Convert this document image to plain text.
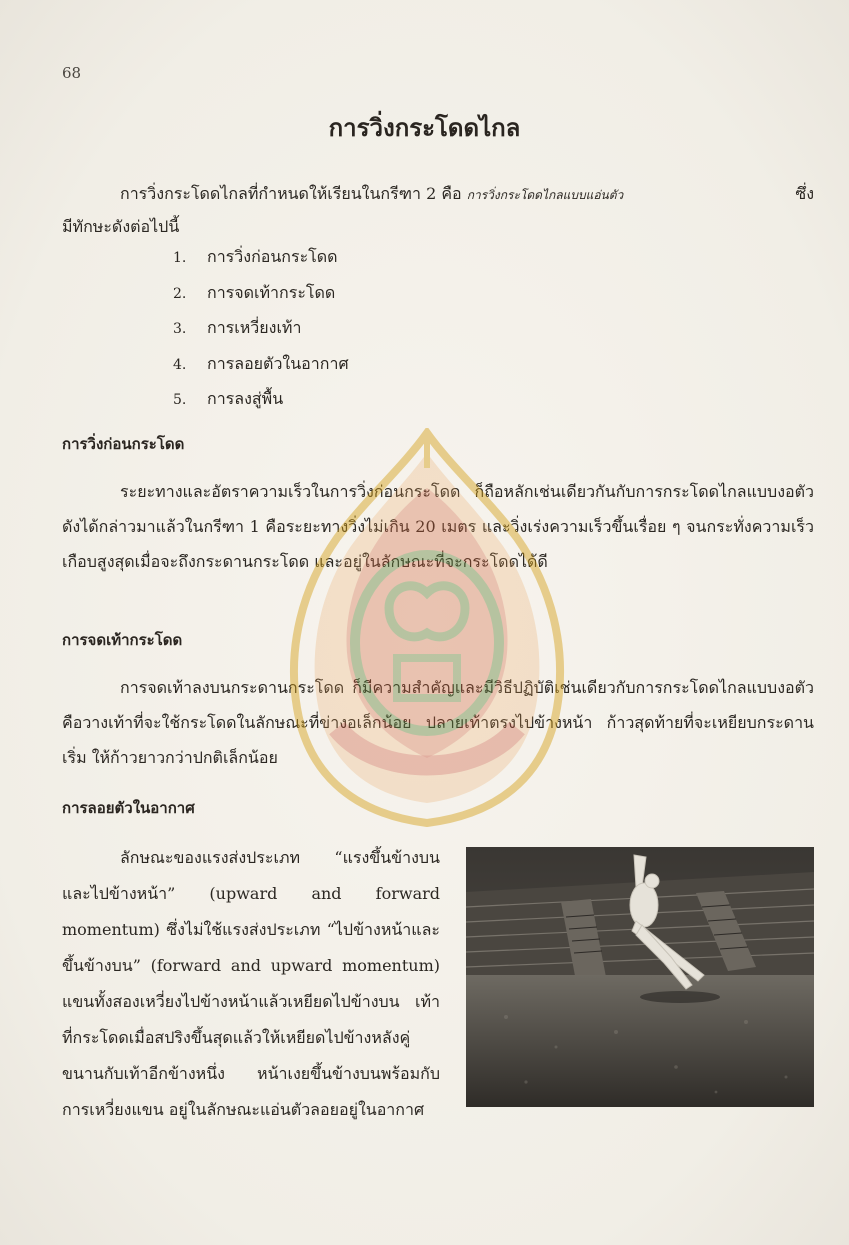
68
การวิ่งกระโดดไกล
การวิ่งกระโดดไกลที่กำหนดให้เรียนในกรีฑา 2 คือ การวิ่งกระโดดไกลแบบแอ่นตัว	ซึ่ง
มีทักษะดังต่อไปนี้
1. การวิ่งก่อนกระโดด
2. การจดเท้ากระโดด
3. การเหวี่ยงเท้า
4. การลอยตัวในอากาศ
5. การลงสู่พื้น
การวิ่งก่อนกระโดด

ระยะทางและอัตราความเร็วในการวิ่งก่อนกระโดด ก็ถือหลักเช่นเดียวกันกับการกระโดดไกลแบบงอตัวดังได้กล่าวมาแล้วในกรีฑา 1 คือระยะทางวิ่งไม่เกิน 20 เมตร และวิ่งเร่งความเร็วขึ้นเรื่อย ๆ จนกระทั่งความเร็วเกือบสูงสุดเมื่อจะถึงกระดานกระโดด และอยู่ในลักษณะที่จะกระโดดได้ดี

การจดเท้ากระโดด

การจดเท้าลงบนกระดานกระโดด ก็มีความสำคัญและมีวิธีปฏิบัติเช่นเดียวกับการกระโดดไกลแบบงอตัว คือวางเท้าที่จะใช้กระโดดในลักษณะที่ข่างอเล็กน้อย ปลายเท้าตรงไปข้างหน้า ก้าวสุดท้ายที่จะเหยียบกระดานเริ่ม ให้ก้าวยาวกว่าปกติเล็กน้อย

การลอยตัวในอากาศ

ลักษณะของแรงส่งประเภท “แรงขึ้นข้างบน และไปข้างหน้า” (upward and forward momentum) ซึ่งไม่ใช้แรงส่งประเภท “ไปข้างหน้าและขึ้นข้างบน” (forward and upward momentum) แขนทั้งสองเหวี่ยงไปข้างหน้าแล้วเหยียดไปข้างบน เท้าที่กระโดดเมื่อสปริงขึ้นสุดแล้วให้เหยียดไปข้างหลังคู่ขนานกับเท้าอีกข้างหนึ่ง หน้าเงยขึ้นข้างบนพร้อมกับการเหวี่ยงแขน อยู่ในลักษณะแอ่นตัวลอยอยู่ในอากาศ
